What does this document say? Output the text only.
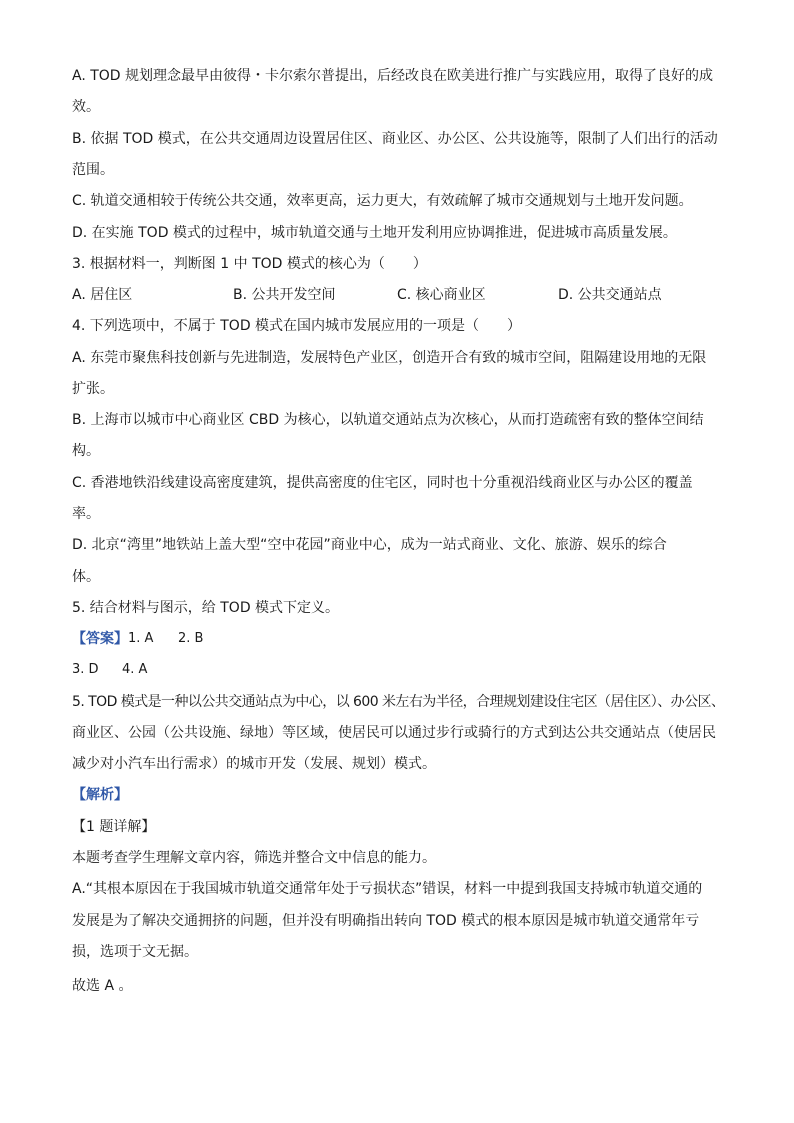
A. TOD 规划理念最早由彼得・卡尔索尔普提出，后经改良在欧美进行推广与实践应用，取得了良好的成
效。
B. 依据 TOD 模式，在公共交通周边设置居住区、商业区、办公区、公共设施等，限制了人们出行的活动
范围。
C. 轨道交通相较于传统公共交通，效率更高，运力更大，有效疏解了城市交通规划与土地开发问题。
D. 在实施 TOD 模式的过程中，城市轨道交通与土地开发利用应协调推进，促进城市高质量发展。
3. 根据材料一，判断图 1 中 TOD 模式的核心为（　　）
A. 居住区	B. 公共开发空间	C. 核心商业区	D. 公共交通站点
4. 下列选项中，不属于 TOD 模式在国内城市发展应用的一项是（　　）
A. 东莞市聚焦科技创新与先进制造，发展特色产业区，创造开合有致的城市空间，阻隔建设用地的无限
扩张。
B. 上海市以城市中心商业区 CBD 为核心，以轨道交通站点为次核心，从而打造疏密有致的整体空间结
构。
C. 香港地铁沿线建设高密度建筑，提供高密度的住宅区，同时也十分重视沿线商业区与办公区的覆盖
率。
D. 北京“湾里”地铁站上盖大型“空中花园”商业中心，成为一站式商业、文化、旅游、娱乐的综合
体。
5. 结合材料与图示，给 TOD 模式下定义。
【答案】 1. A 2. B
3. D 4. A
5. TOD 模式是一种以公共交通站点为中心，以 600 米左右为半径，合理规划建设住宅区（居住区）、办公区、
商业区、公园（公共设施、绿地）等区域，使居民可以通过步行或骑行的方式到达公共交通站点（使居民
减少对小汽车出行需求）的城市开发（发展、规划）模式。
【解析】
【1 题详解】
本题考查学生理解文章内容，筛选并整合文中信息的能力。
A.“其根本原因在于我国城市轨道交通常年处于亏损状态”错误，材料一中提到我国支持城市轨道交通的
发展是为了解决交通拥挤的问题，但并没有明确指出转向 TOD 模式的根本原因是城市轨道交通常年亏
损，选项于文无据。
故选 A 。
